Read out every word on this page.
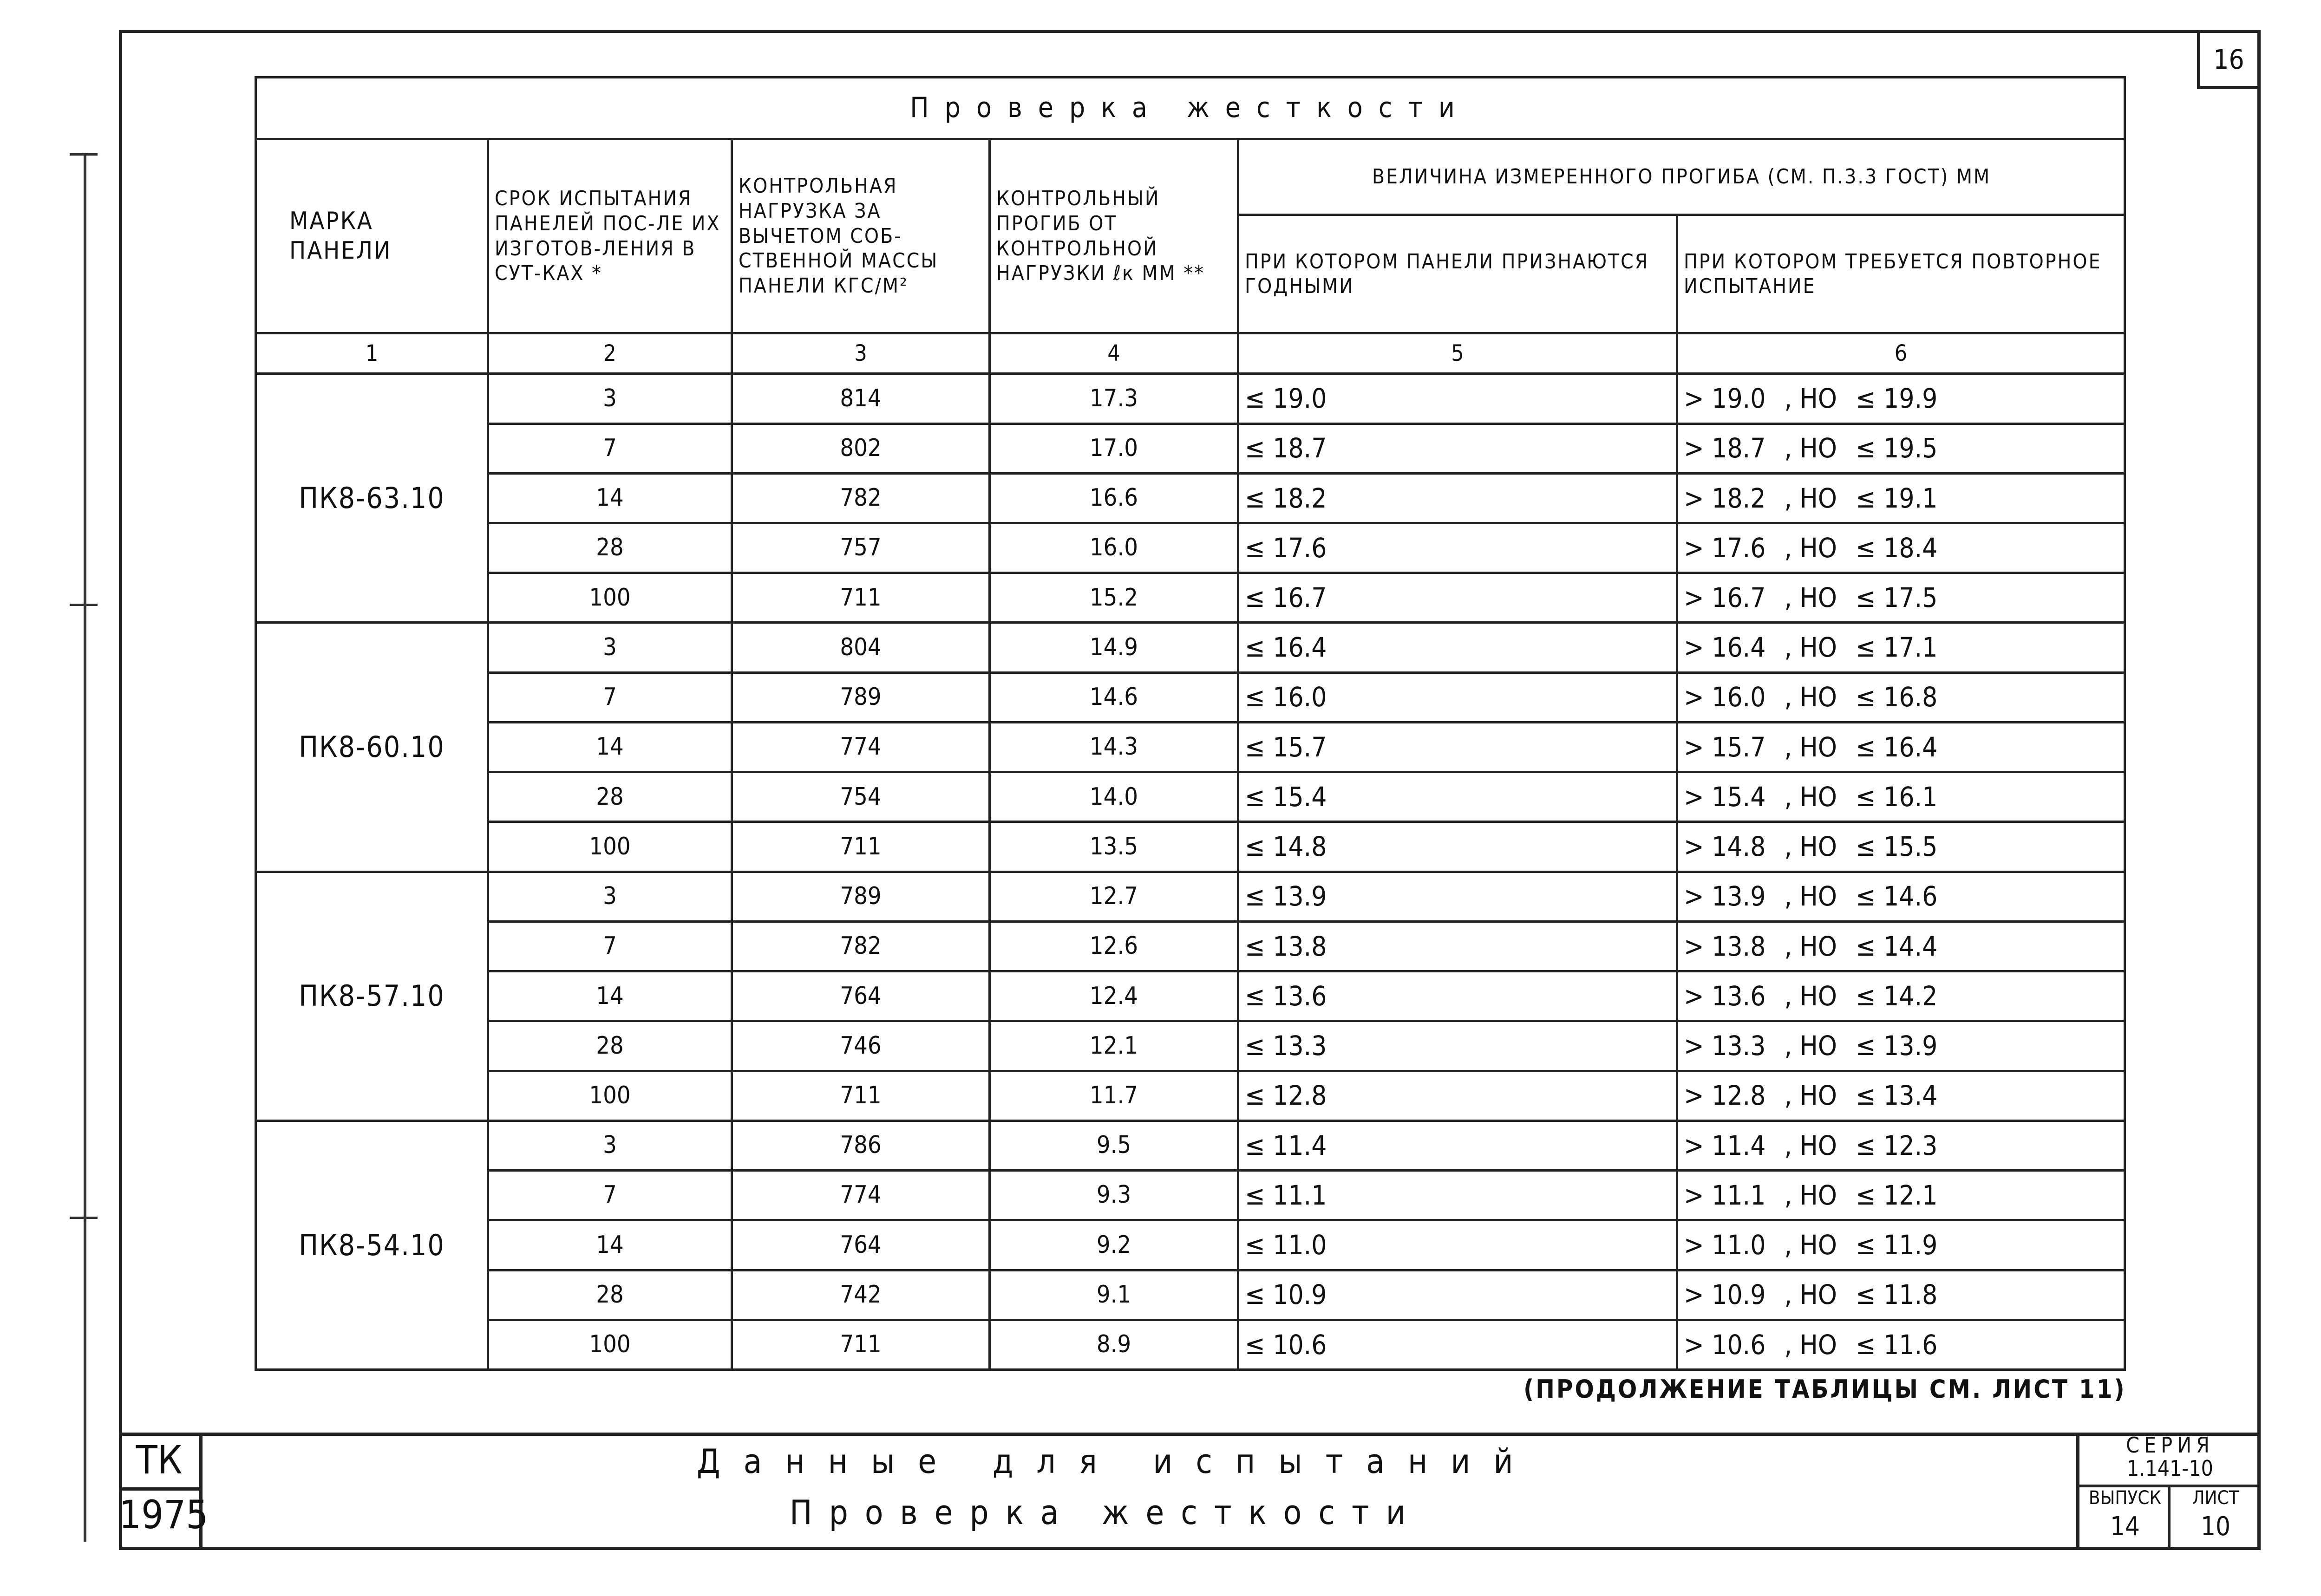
16
Проверка жесткости					
МАРКА ПАНЕЛИ	СРОК ИСПЫТАНИЯ ПАНЕЛЕЙ ПОС-ЛЕ ИХ ИЗГОТОВ-ЛЕНИЯ В СУТ-КАХ *	КОНТРОЛЬНАЯ НАГРУЗКА ЗА ВЫЧЕТОМ СОБ-СТВЕННОЙ МАССЫ ПАНЕЛИ КГС/М²	КОНТРОЛЬНЫЙ ПРОГИБ ОТ КОНТРОЛЬНОЙ НАГРУЗКИ ℓк ММ **	ВЕЛИЧИНА ИЗМЕРЕННОГО ПРОГИБА (СМ. П.3.3 ГОСТ) ММ	
				ПРИ КОТОРОМ ПАНЕЛИ ПРИЗНАЮТСЯ ГОДНЫМИ	ПРИ КОТОРОМ ТРЕБУЕТСЯ ПОВТОРНОЕ ИСПЫТАНИЕ
1	2	3	4	5	6
ПК8-63.10	3	814	17.3	≤ 19.0	> 19.0 , НО ≤ 19.9
	7	802	17.0	≤ 18.7	> 18.7 , НО ≤ 19.5
	14	782	16.6	≤ 18.2	> 18.2 , НО ≤ 19.1
	28	757	16.0	≤ 17.6	> 17.6 , НО ≤ 18.4
	100	711	15.2	≤ 16.7	> 16.7 , НО ≤ 17.5
ПК8-60.10	3	804	14.9	≤ 16.4	> 16.4 , НО ≤ 17.1
	7	789	14.6	≤ 16.0	> 16.0 , НО ≤ 16.8
	14	774	14.3	≤ 15.7	> 15.7 , НО ≤ 16.4
	28	754	14.0	≤ 15.4	> 15.4 , НО ≤ 16.1
	100	711	13.5	≤ 14.8	> 14.8 , НО ≤ 15.5
ПК8-57.10	3	789	12.7	≤ 13.9	> 13.9 , НО ≤ 14.6
	7	782	12.6	≤ 13.8	> 13.8 , НО ≤ 14.4
	14	764	12.4	≤ 13.6	> 13.6 , НО ≤ 14.2
	28	746	12.1	≤ 13.3	> 13.3 , НО ≤ 13.9
	100	711	11.7	≤ 12.8	> 12.8 , НО ≤ 13.4
ПК8-54.10	3	786	9.5	≤ 11.4	> 11.4 , НО ≤ 12.3
	7	774	9.3	≤ 11.1	> 11.1 , НО ≤ 12.1
	14	764	9.2	≤ 11.0	> 11.0 , НО ≤ 11.9
	28	742	9.1	≤ 10.9	> 10.9 , НО ≤ 11.8
	100	711	8.9	≤ 10.6	> 10.6 , НО ≤ 11.6
(ПРОДОЛЖЕНИЕ ТАБЛИЦЫ СМ. ЛИСТ 11)
ТК
1975
Данные для испытаний
Проверка жесткости
СЕРИЯ
1.141-10
ВЫПУСК	ЛИСТ
14	10
